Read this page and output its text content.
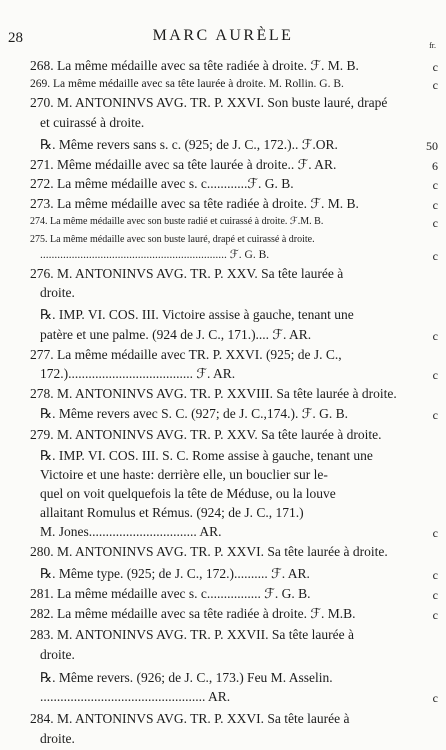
28	MARC AURÈLE
fr.
268. La même médaille avec sa tête radiée à droite. ℱ. M. B.	c
269. La même médaille avec sa tête laurée à droite. M. Rollin. G. B.	c
270. M. ANTONINVS AVG. TR. P. XXVI. Son buste lauré, drapé
et cuirassé à droite.
℞. Même revers sans s. c. (925; de J. C., 172.).. ℱ.OR.	50
271. Même médaille avec sa tête laurée à droite.. ℱ. AR.	6
272. La même médaille avec s. c............ℱ. G. B.	c
273. La même médaille avec sa tête radiée à droite. ℱ. M. B.	c
274. La même médaille avec son buste radié et cuirassé à droite. ℱ.M. B.	c
275. La même médaille avec son buste lauré, drapé et cuirassé à droite.
................................................................. ℱ. G. B.	c
276. M. ANTONINVS AVG. TR. P. XXV. Sa tête laurée à
droite.
℞. IMP. VI. COS. III. Victoire assise à gauche, tenant une
patère et une palme. (924 de J. C., 171.).... ℱ. AR.	c
277. La même médaille avec TR. P. XXVI. (925; de J. C.,
172.)..................................... ℱ. AR.	c
278. M. ANTONINVS AVG. TR. P. XXVIII. Sa tête laurée à droite.
℞. Même revers avec S. C. (927; de J. C.,174.). ℱ. G. B.	c
279. M. ANTONINVS AVG. TR. P. XXV. Sa tête laurée à droite.
℞. IMP. VI. COS. III. S. C. Rome assise à gauche, tenant une
Victoire et une haste: derrière elle, un bouclier sur le-
quel on voit quelquefois la tête de Méduse, ou la louve
allaitant Romulus et Rémus. (924; de J. C., 171.)
M. Jones................................ AR.	c
280. M. ANTONINVS AVG. TR. P. XXVI. Sa tête laurée à droite.
℞. Même type. (925; de J. C., 172.).......... ℱ. AR.	c
281. La même médaille avec s. c................ ℱ. G. B.	c
282. La même médaille avec sa tête radiée à droite. ℱ. M.B.	c
283. M. ANTONINVS AVG. TR. P. XXVII. Sa tête laurée à
droite.
℞. Même revers. (926; de J. C., 173.) Feu M. Asselin.
................................................. AR.	c
284. M. ANTONINVS AVG. TR. P. XXVI. Sa tête laurée à
droite.
